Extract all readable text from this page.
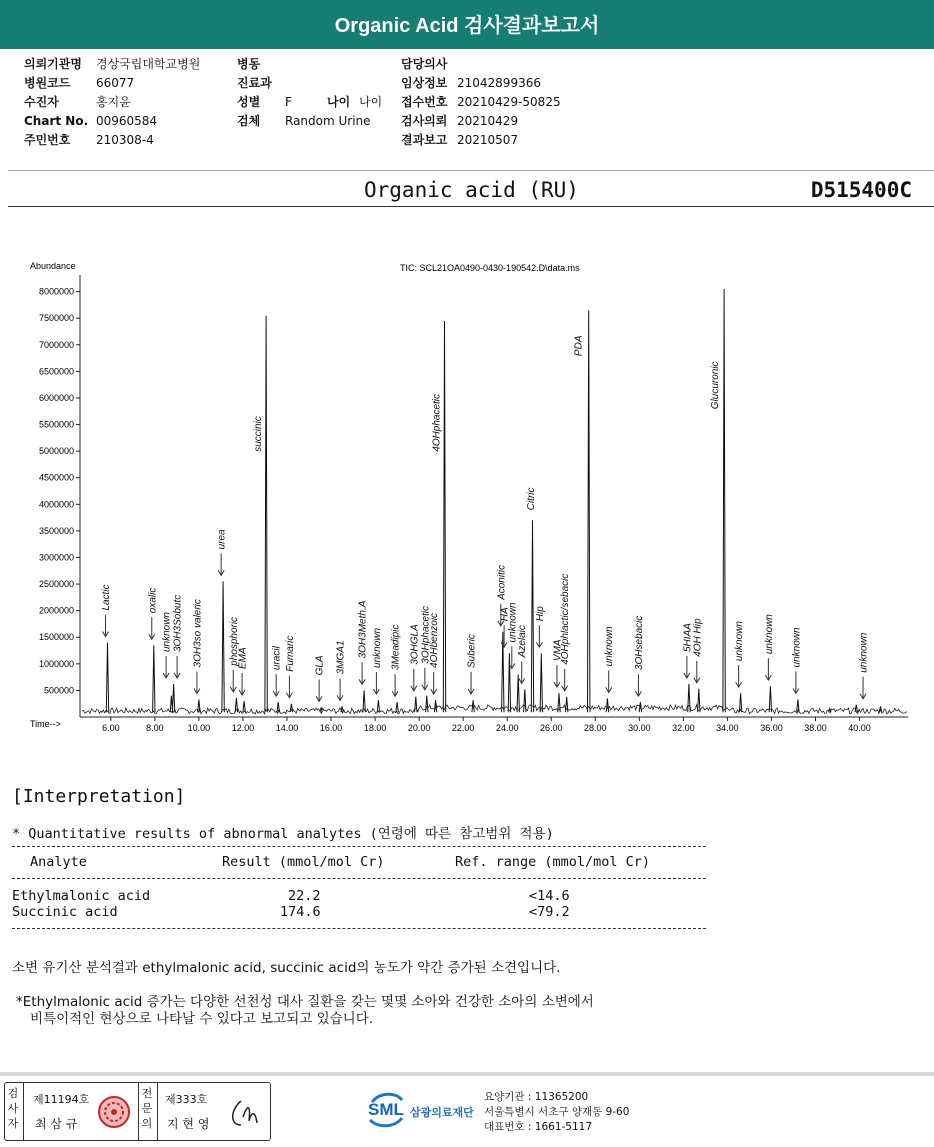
Organic Acid 검사결과보고서
의뢰기관명	경상국립대학교병원
병원코드	66077
수진자	홍지윤
Chart No. 00960584
주민번호	210308-4
병동
진료과
성별	F	나이 나이
검체	Random Urine
담당의사
임상정보 21042899366
접수번호 20210429-50825
검사의뢰 20210429
결과보고 20210507
Organic acid (RU)	D515400C
Abundance	TIC: SCL21OA0490-0430-190542.D\data.ms
Time-->	6.00	8.00	10.00 12.00 14.00 16.00 18.00 20.00 22.00 24.00 26.00 28.00 30.00 32.00 34.00 36.00 38.00 40.00
500000
1000000
1500000
2000000
2500000
3000000
3500000
4000000
4500000
5000000
5500000
6000000
6500000
7000000
7500000
8000000
Lactic	oxalic
unknown 3OH3Sobutc 3OH3so valeric
urea
phosphoric
EMA
succinic
uracil Fumaric GLA 3MGA1 3OH3Meth.A unknown 3Meadipic 3OHGLA 3OHphacetic
4OHbenzoic
4OHphacetic
Suberic
Aconitic
HA
unknown
Azelaic
Citric
Hip
VMA
4OHphlactic/sebacic
PDA
unknown 3OHsebacic	5HIAA
4OH Hip
Glucuronic
unknown unknown unknown	unknown
[Interpretation]
* Quantitative results of abnormal analytes (연령에 따른 참고범위 적용)
Analyte	Result (mmol/mol Cr)	Ref. range (mmol/mol Cr)
Ethylmalonic acid	22.2	<14.6
Succinic acid	174.6	<79.2
소변 유기산 분석결과 ethylmalonic acid, succinic acid의 농도가 약간 증가된 소견입니다.
*Ethylmalonic acid 증가는 다양한 선천성 대사 질환을 갖는 몇몇 소아와 건강한 소아의 소변에서
비특이적인 현상으로 나타날 수 있다고 보고되고 있습니다.
검사자
제11194호
최 삼 규
전문의
제333호
지 현 영
SML 삼광의료재단
요양기관 : 11365200
서울특별시 서초구 양재동 9-60
대표번호 : 1661-5117
